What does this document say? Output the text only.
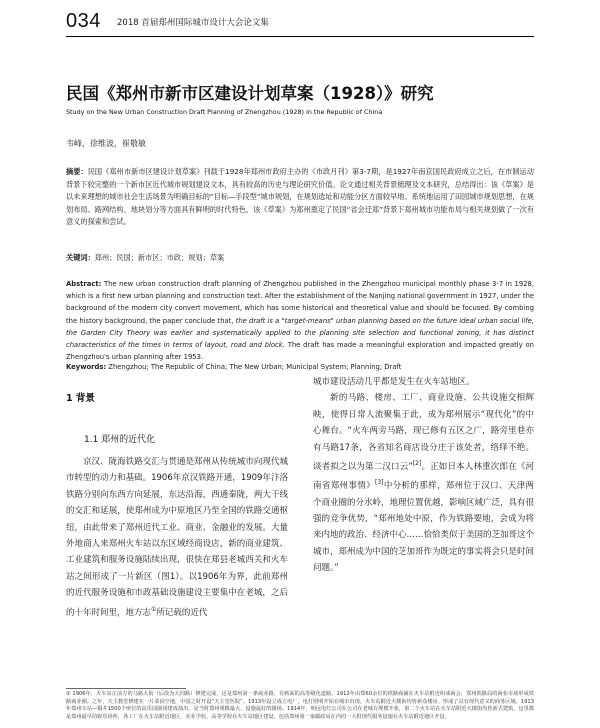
034 2018 首届郑州国际城市设计大会论文集
民国《郑州市新市区建设计划草案（1928）》研究
Study on the New Urban Construction Draft Planning of Zhengzhou (1928) in the Republic of China
韦峰，徐维波，崔敬敏
摘要：民国《郑州市新市区建设计划草案》刊载于1928年郑州市政府主办的《市政月刊》第3-7期，是1927年南京国民政府成立之后，在市制运动背景下较完整的一个新市区近代城市规划建设文本，具有较高的历史与理论研究价值。论文通过相关背景梳理及文本研究，总结得出：该《草案》是以未来理想的城市社会生活场景为明确目标的“目标—手段型”城市规划，在规划选址和功能分区方面较早地、系统地运用了田园城市规划思想，在规划布局、路网结构、地块划分等方面具有鲜明的时代特色，该《草案》为郑州奠定了民国“省会迁郑”背景下郑州城市功能布局与相关规划做了一次有意义的探索和尝试。
关键词：郑州；民国；新市区；市政；规划；草案
Abstract: The new urban construction draft planning of Zhengzhou published in the Zhengzhou municipal monthly phase 3-7 in 1928, which is a first new urban planning and construction text. After the establishment of the Nanjing national government in 1927, under the background of the modern city convert movement, which has some historical and theoretical value and should be focused. By combing the history background, the paper conclude that, the draft is a "target-means" urban planning based on the future ideal urban social life, the Garden City Theory was earlier and systematically applied to the planning site selection and functional zoning, it has distinct characteristics of the times in terms of layout, road and block. The draft has made a meaningful exploration and impacted greatly on Zhengzhou's urban planning after 1953.
Keywords: Zhengzhou; The Republic of China; The New Urban; Municipal System; Planning; Draft
1 背景
1.1 郑州的近代化

京汉、陇海铁路交汇与贯通是郑州从传统城市向现代城市转型的动力和基础。1906年京汉铁路开通，1909年汴洛铁路分别向东西方向延展，东达沿海，西通秦陇，两大干线的交汇和延展，使郑州成为中原地区乃至全国的铁路交通枢纽，由此带来了郑州近代工业、商业、金融业的发展。大量外地商人来郑州火车站以东区域经商设店，新的商业建筑、工业建筑和服务设施陆续出现，很快在郑县老城西关和火车站之间形成了一片新区（图1）。以1906年为界，此前郑州的近代服务设施和市政基础设施建设主要集中在老城，之后的十年时间里，地方志①所记载的近代

城市建设活动几乎都是发生在火车站地区。

新的马路、楼房、工厂、商业设施、公共设施交相辉映，使得日常人流聚集于此，成为郑州展示“现代化”的中心舞台。“火车两旁马路，现已修有五区之广，路旁里巷亦有马路17条，各省知名商店设分庄于该处者，络绎不绝。谈者拟之以为第二汉口云”[2]。正如日本人林重次郎在《河南省郑州事情》[3]中分析的那样，郑州位于汉口、天津两个商业圈的分水岭，地理位置优越，影响区域广泛，具有很强的竞争优势，“郑州地处中原，作为铁路要地，会成为将来内地的政治、经济中心……恰恰类似于美国的芝加哥这个城市，郑州成为中国的芝加哥作为既定的事实将会只是时间问题。”

① 1906年，火车站正前方的马路大街（后改为大同路）修建完成，这是郑州第一条商业路，有画面的高等级化道路。1912年由郑60余位的铁路商铺在火车站附近组成商会，郑州铁路局的商业市场形成铁路商业圈。之年，天主教堂修建在一片菜园空地，中国之时开设“天主堂医院”。1913年设立成立电厂，电灯照明开始在城市出现。火车站附近大楼街均皆新众楼房、形成了具有现代意义的商务区域。1913年郑州车站—铜井1500个座位的高乐园剧场建成演出，是当时郑州规模最大、设施最好的剧场。1914年，明远电灯公司在公司在老城有规模开张，第二个火车站在火车站附近大楼街均皆新式建筑，这里都是郑州最早的娱乐场所，各工厂在火车站附近地区，实业学校、高等学校在火车站地区建设。包括郑州第一家邮政局在内的一大批现代服务设施在火车站附近地区开设。
